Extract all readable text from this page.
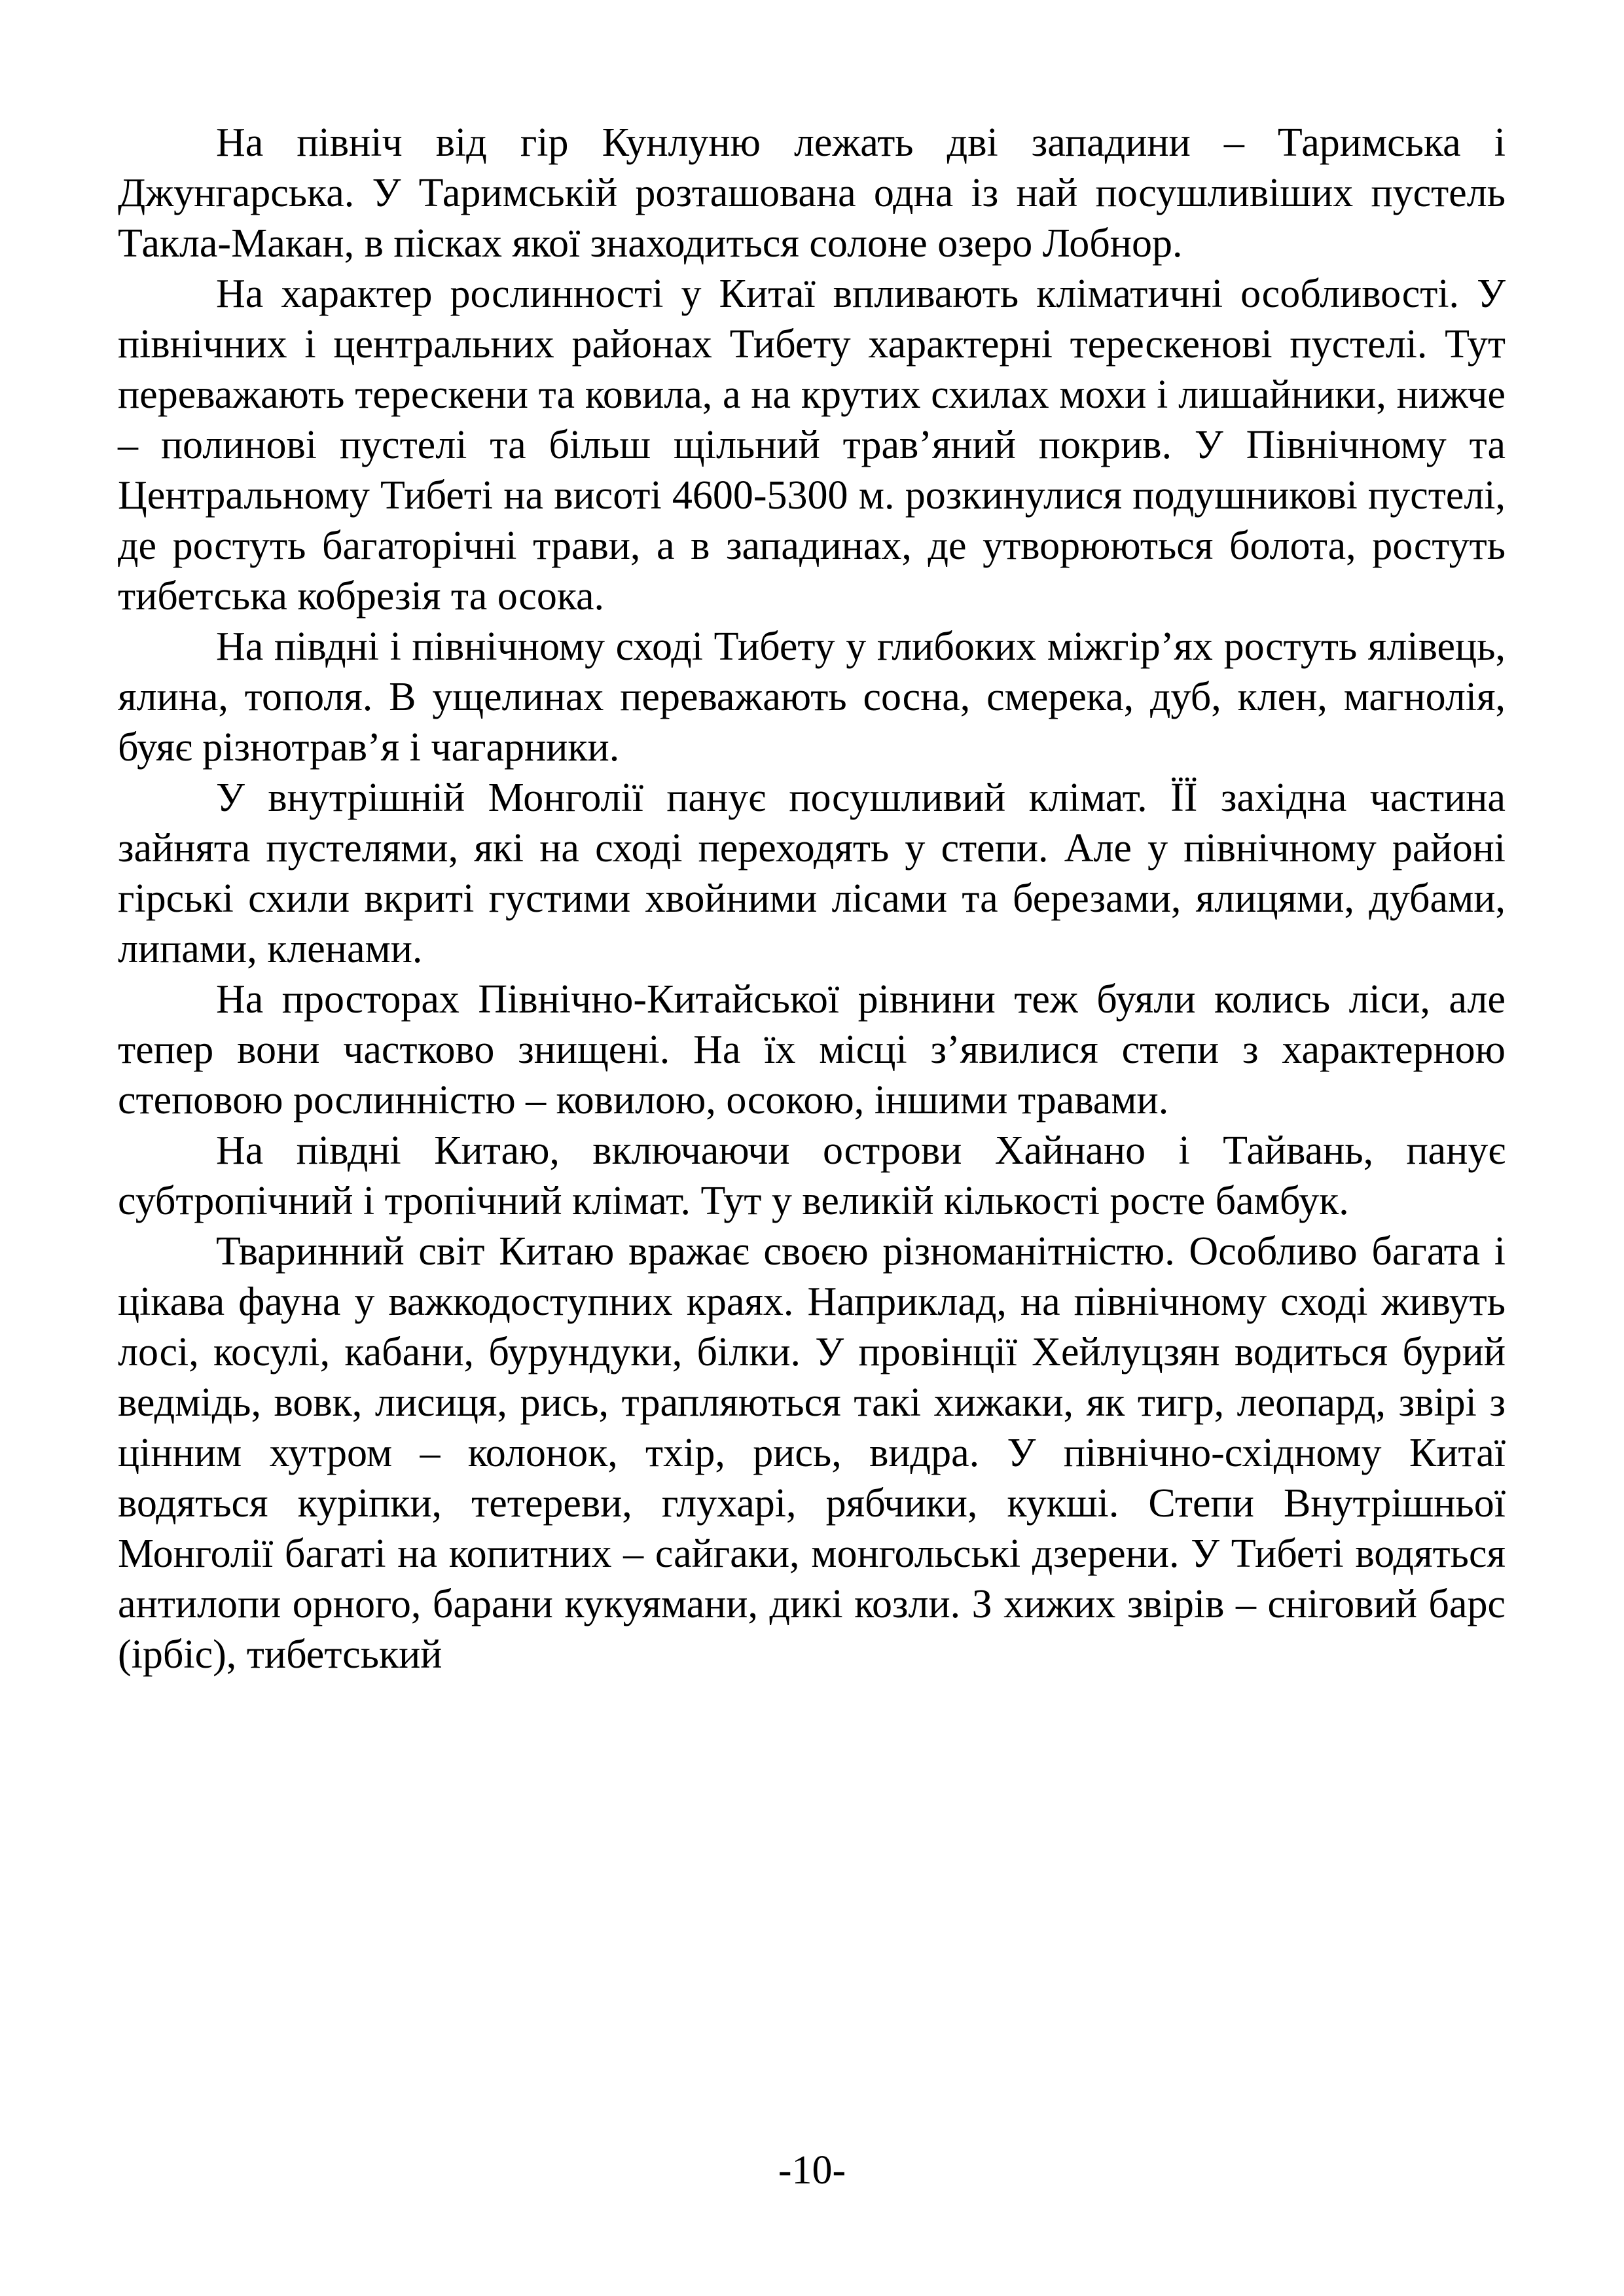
На північ від гір Кунлуню лежать дві западини – Таримська і Джунгарська. У Таримській розташована одна із най посушливіших пустель Такла-Макан, в пісках якої знаходиться солоне озеро Лобнор.

На характер рослинності у Китаї впливають кліматичні особливості. У північних і центральних районах Тибету характерні терескенові пустелі. Тут переважають терескени та ковила, а на крутих схилах мохи і лишайники, нижче – полинові пустелі та більш щільний трав’яний покрив. У Північному та Центральному Тибеті на висоті 4600-5300 м. розкинулися подушникові пустелі, де ростуть багаторічні трави, а в западинах, де утворюються болота, ростуть тибетська кобрезія та осока.

На півдні і північному сході Тибету у глибоких міжгір’ях ростуть ялівець, ялина, тополя. В ущелинах переважають сосна, смерека, дуб, клен, магнолія, буяє різнотрав’я і чагарники.

У внутрішній Монголії панує посушливий клімат. ЇЇ західна частина зайнята пустелями, які на сході переходять у степи. Але у північному районі гірські схили вкриті густими хвойними лісами та березами, ялицями, дубами, липами, кленами.

На просторах Північно-Китайської рівнини теж буяли колись ліси, але тепер вони частково знищені. На їх місці з’явилися степи з характерною степовою рослинністю – ковилою, осокою, іншими травами.

На півдні Китаю, включаючи острови Хайнано і Тайвань, панує субтропічний і тропічний клімат. Тут у великій кількості росте бамбук.

Тваринний світ Китаю вражає своєю різноманітністю. Особливо багата і цікава фауна у важкодоступних краях. Наприклад, на північному сході живуть лосі, косулі, кабани, бурундуки, білки. У провінції Хейлуцзян водиться бурий ведмідь, вовк, лисиця, рись, трапляються такі хижаки, як тигр, леопард, звірі з цінним хутром – колонок, тхір, рись, видра. У північно-східному Китаї водяться куріпки, тетереви, глухарі, рябчики, кукші. Степи Внутрішньої Монголії багаті на копитних – сайгаки, монгольські дзерени. У Тибеті водяться антилопи орного, барани кукуямани, дикі козли. З хижих звірів – сніговий барс (ірбіс), тибетський

-10-
